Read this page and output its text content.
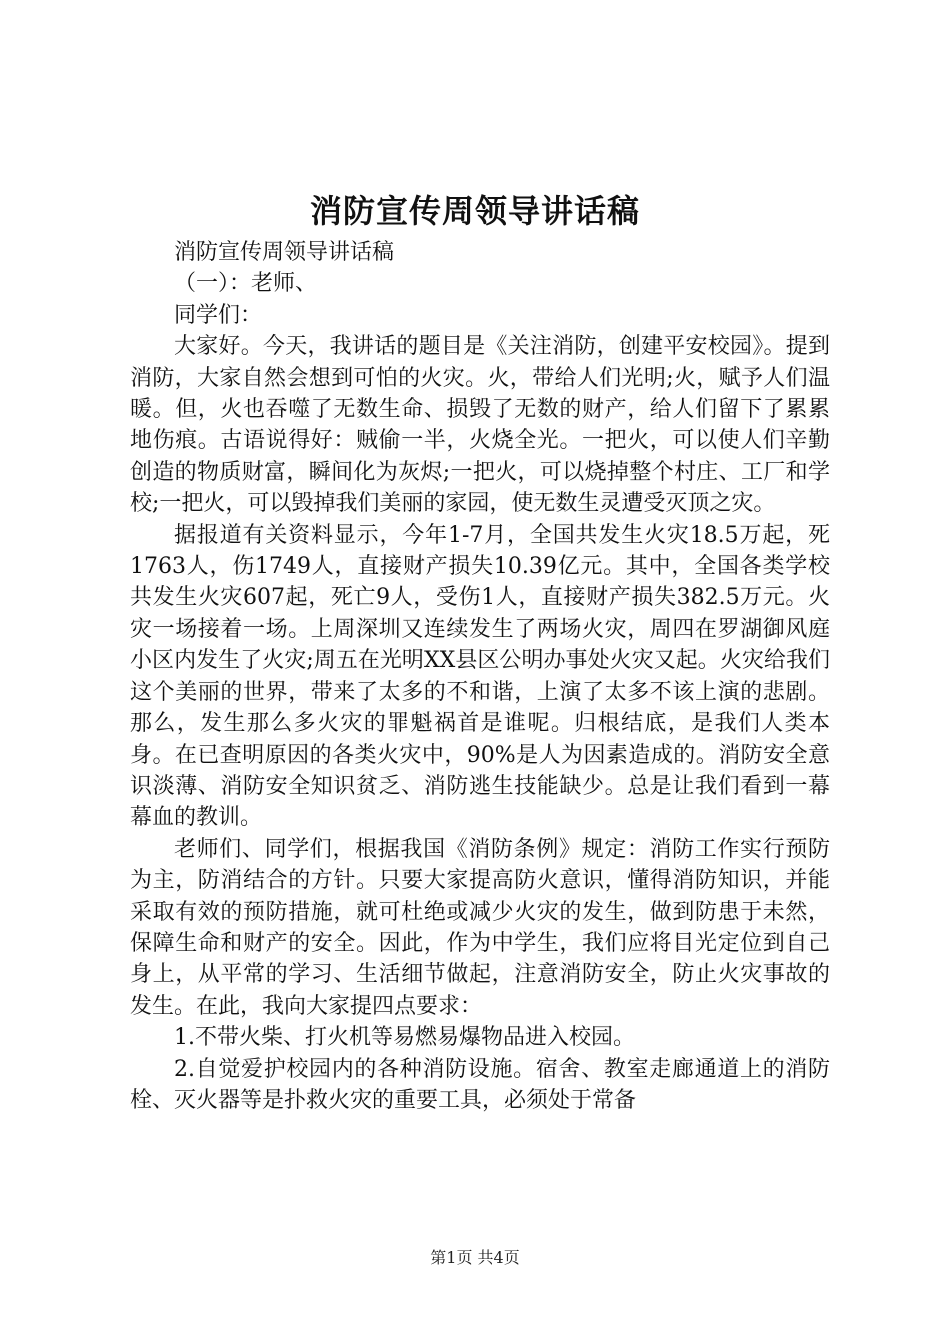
消防宣传周领导讲话稿

消防宣传周领导讲话稿

（一）：老师、

同学们：

大家好。今天，我讲话的题目是《关注消防，创建平安校园》。提到消防，大家自然会想到可怕的火灾。火，带给人们光明;火，赋予人们温暖。但，火也吞噬了无数生命、损毁了无数的财产，给人们留下了累累地伤痕。古语说得好：贼偷一半，火烧全光。一把火，可以使人们辛勤创造的物质财富，瞬间化为灰烬;一把火，可以烧掉整个村庄、工厂和学校;一把火，可以毁掉我们美丽的家园，使无数生灵遭受灭顶之灾。

据报道有关资料显示，今年1-7月，全国共发生火灾18.5万起，死1763人，伤1749人，直接财产损失10.39亿元。其中，全国各类学校共发生火灾607起，死亡9人，受伤1人，直接财产损失382.5万元。火灾一场接着一场。上周深圳又连续发生了两场火灾，周四在罗湖御风庭小区内发生了火灾;周五在光明XX县区公明办事处火灾又起。火灾给我们这个美丽的世界，带来了太多的不和谐，上演了太多不该上演的悲剧。那么，发生那么多火灾的罪魁祸首是谁呢。归根结底，是我们人类本身。在已查明原因的各类火灾中，90%是人为因素造成的。消防安全意识淡薄、消防安全知识贫乏、消防逃生技能缺少。总是让我们看到一幕幕血的教训。

老师们、同学们，根据我国《消防条例》规定：消防工作实行预防为主，防消结合的方针。只要大家提高防火意识，懂得消防知识，并能采取有效的预防措施，就可杜绝或减少火灾的发生，做到防患于未然，保障生命和财产的安全。因此，作为中学生，我们应将目光定位到自己身上，从平常的学习、生活细节做起，注意消防安全，防止火灾事故的发生。在此，我向大家提四点要求：

1.不带火柴、打火机等易燃易爆物品进入校园。

2.自觉爱护校园内的各种消防设施。宿舍、教室走廊通道上的消防栓、灭火器等是扑救火灾的重要工具，必须处于常备

第1页 共4页
